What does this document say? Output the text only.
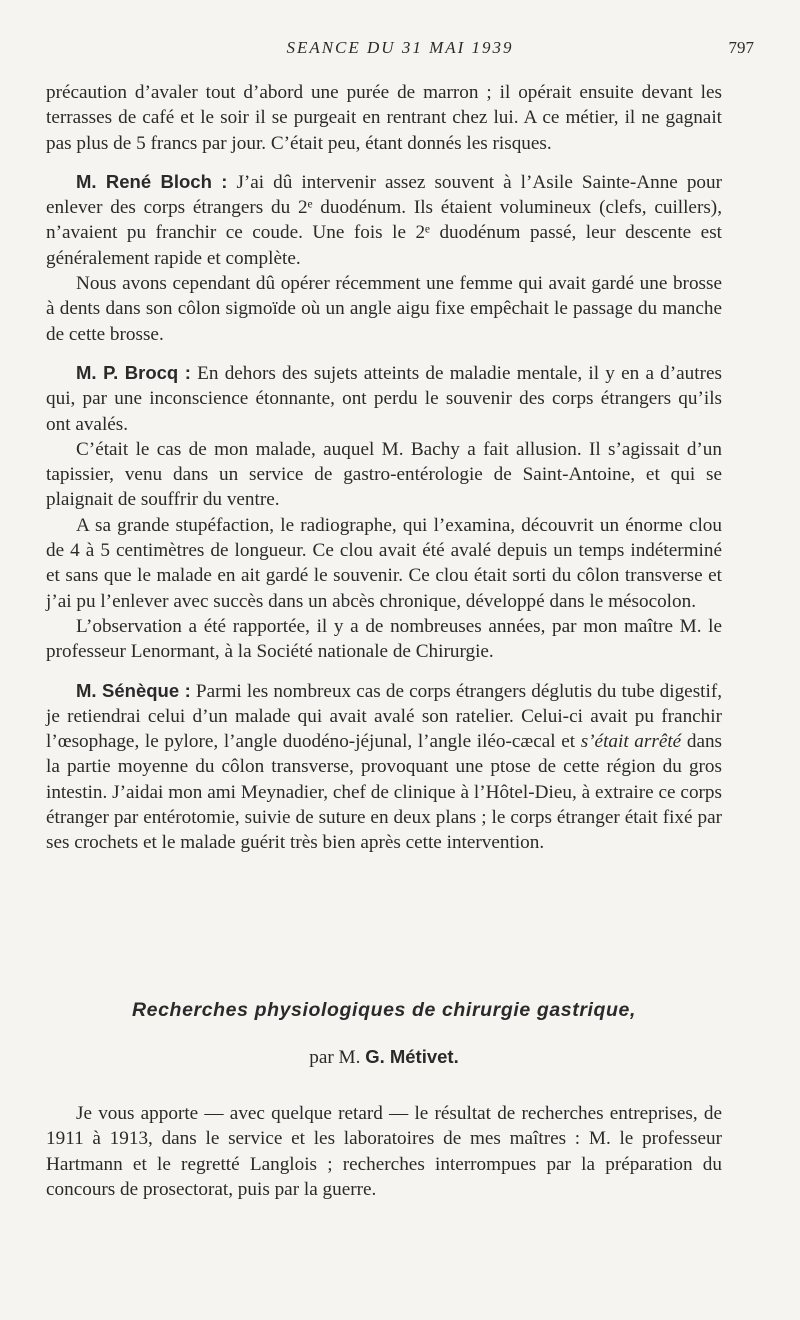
SEANCE DU 31 MAI 1939	797

précaution d’avaler tout d’abord une purée de marron ; il opérait ensuite devant les terrasses de café et le soir il se purgeait en rentrant chez lui. A ce métier, il ne gagnait pas plus de 5 francs par jour. C’était peu, étant donnés les risques.

M. René Bloch : J’ai dû intervenir assez souvent à l’Asile Sainte-Anne pour enlever des corps étrangers du 2ᵉ duodénum. Ils étaient volumineux (clefs, cuillers), n’avaient pu franchir ce coude. Une fois le 2ᵉ duodénum passé, leur descente est généralement rapide et complète.

Nous avons cependant dû opérer récemment une femme qui avait gardé une brosse à dents dans son côlon sigmoïde où un angle aigu fixe empêchait le passage du manche de cette brosse.

M. P. Brocq : En dehors des sujets atteints de maladie mentale, il y en a d’autres qui, par une inconscience étonnante, ont perdu le souvenir des corps étrangers qu’ils ont avalés.

C’était le cas de mon malade, auquel M. Bachy a fait allusion. Il s’agissait d’un tapissier, venu dans un service de gastro-entérologie de Saint-Antoine, et qui se plaignait de souffrir du ventre.

A sa grande stupéfaction, le radiographe, qui l’examina, découvrit un énorme clou de 4 à 5 centimètres de longueur. Ce clou avait été avalé depuis un temps indéterminé et sans que le malade en ait gardé le souvenir. Ce clou était sorti du côlon transverse et j’ai pu l’enlever avec succès dans un abcès chronique, développé dans le mésocolon.

L’observation a été rapportée, il y a de nombreuses années, par mon maître M. le professeur Lenormant, à la Société nationale de Chirurgie.

M. Sénèque : Parmi les nombreux cas de corps étrangers déglutis du tube digestif, je retiendrai celui d’un malade qui avait avalé son ratelier. Celui-ci avait pu franchir l’œsophage, le pylore, l’angle duodéno-jéjunal, l’angle iléo-cæcal et s’était arrêté dans la partie moyenne du côlon transverse, provoquant une ptose de cette région du gros intestin. J’aidai mon ami Meynadier, chef de clinique à l’Hôtel-Dieu, à extraire ce corps étranger par entérotomie, suivie de suture en deux plans ; le corps étranger était fixé par ses crochets et le malade guérit très bien après cette intervention.

Recherches physiologiques de chirurgie gastrique,
par M. G. Métivet.

Je vous apporte — avec quelque retard — le résultat de recherches entreprises, de 1911 à 1913, dans le service et les laboratoires de mes maîtres : M. le professeur Hartmann et le regretté Langlois ; recherches interrompues par la préparation du concours de prosectorat, puis par la guerre.
